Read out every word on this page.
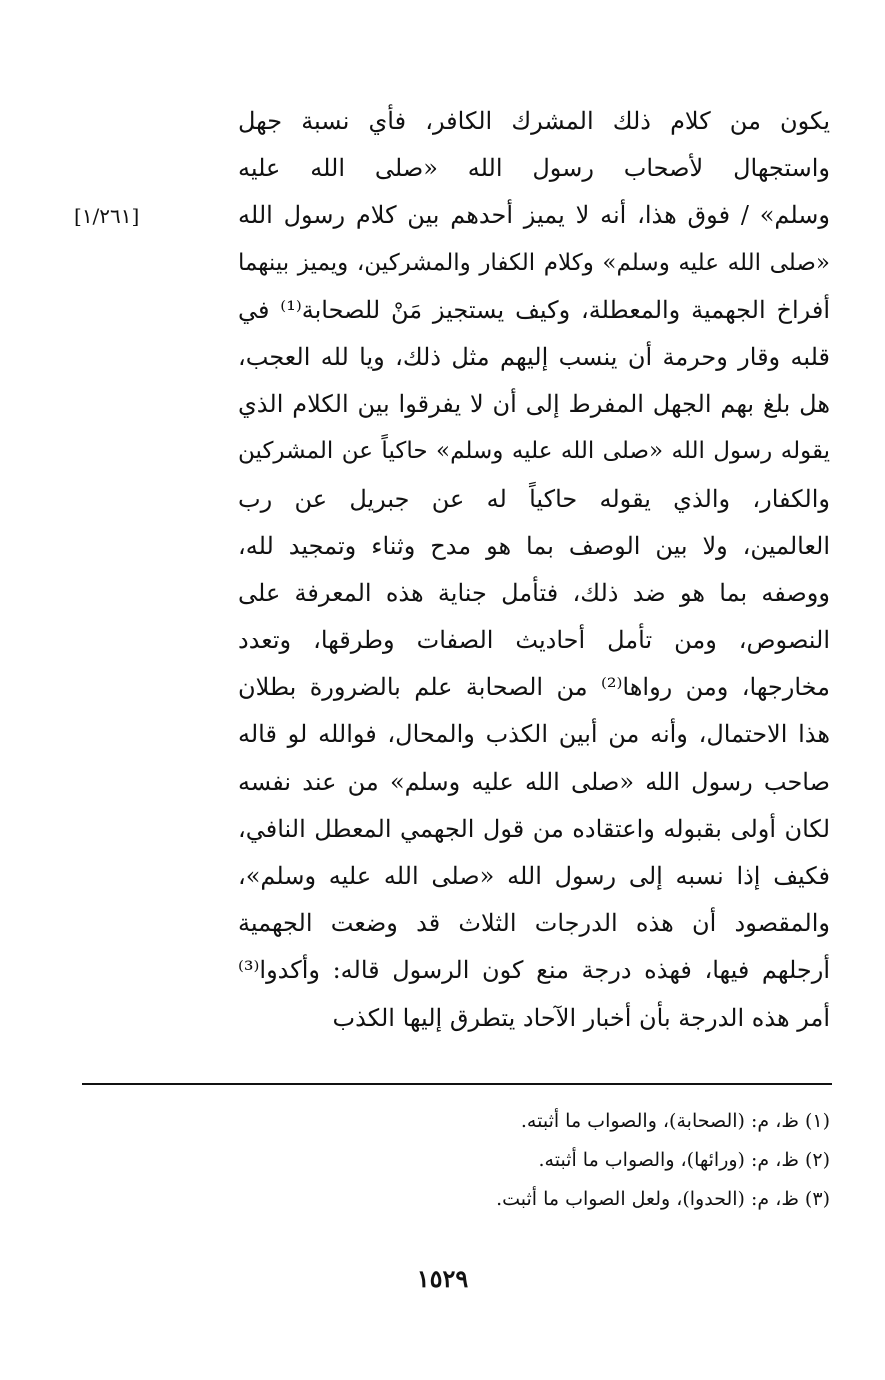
[١/٢٦١]
يكون من كلام ذلك المشرك الكافر، فأي نسبة جهل
واستجهال لأصحاب رسول الله «صلى الله عليه
وسلم» / فوق هذا، أنه لا يميز أحدهم بين كلام رسول الله
«صلى الله عليه وسلم» وكلام الكفار والمشركين، ويميز بينهما
أفراخ الجهمية والمعطلة، وكيف يستجيز مَنْ للصحابة⁽¹⁾ في
قلبه وقار وحرمة أن ينسب إليهم مثل ذلك، ويا لله العجب،
هل بلغ بهم الجهل المفرط إلى أن لا يفرقوا بين الكلام الذي
يقوله رسول الله «صلى الله عليه وسلم» حاكياً عن المشركين
والكفار، والذي يقوله حاكياً له عن جبريل عن رب
العالمين، ولا بين الوصف بما هو مدح وثناء وتمجيد لله،
ووصفه بما هو ضد ذلك، فتأمل جناية هذه المعرفة على
النصوص، ومن تأمل أحاديث الصفات وطرقها، وتعدد
مخارجها، ومن رواها⁽²⁾ من الصحابة علم بالضرورة بطلان
هذا الاحتمال، وأنه من أبين الكذب والمحال، فوالله لو قاله
صاحب رسول الله «صلى الله عليه وسلم» من عند نفسه
لكان أولى بقبوله واعتقاده من قول الجهمي المعطل النافي،
فكيف إذا نسبه إلى رسول الله «صلى الله عليه وسلم»،
والمقصود أن هذه الدرجات الثلاث قد وضعت الجهمية
أرجلهم فيها، فهذه درجة منع كون الرسول قاله: وأكدوا⁽³⁾
أمر هذه الدرجة بأن أخبار الآحاد يتطرق إليها الكذب
(١) ظ، م: (الصحابة)، والصواب ما أثبته.
(٢) ظ، م: (ورائها)، والصواب ما أثبته.
(٣) ظ، م: (الحدوا)، ولعل الصواب ما أثبت.
١٥٢٩
